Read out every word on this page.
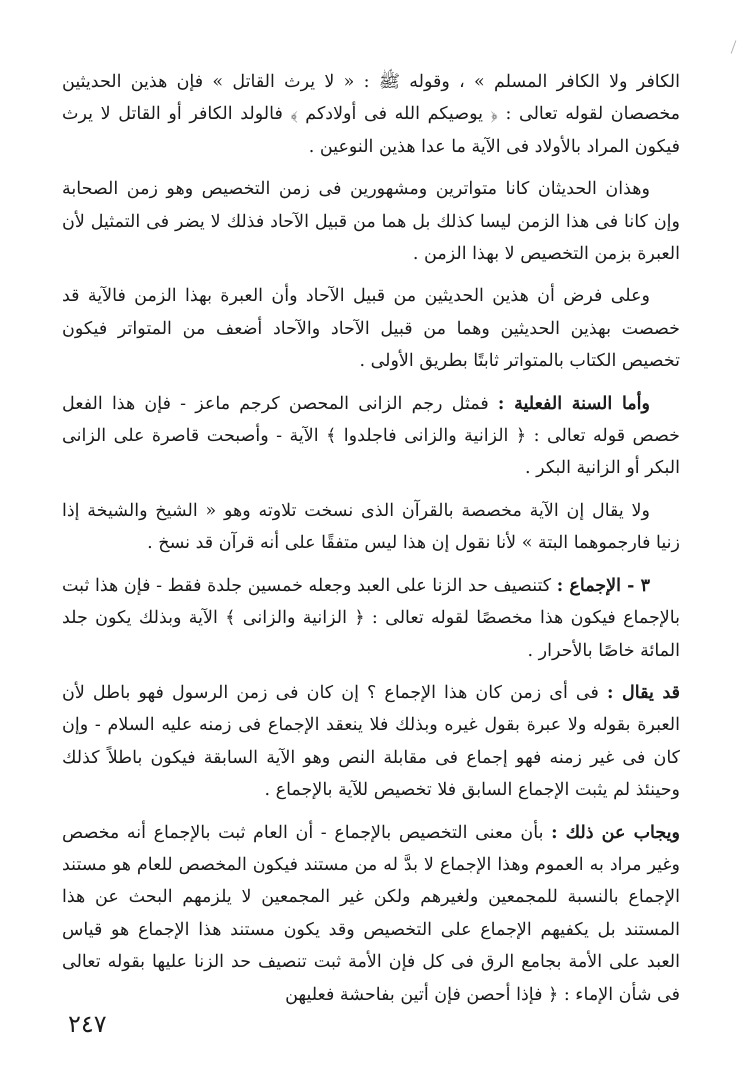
الكافر ولا الكافر المسلم » ، وقوله ﷺ : « لا يرث القاتل » فإن هذين الحديثين مخصصان لقوله تعالى : ﴿ يوصيكم الله فى أولادكم ﴾ فالولد الكافر أو القاتل لا يرث فيكون المراد بالأولاد فى الآية ما عدا هذين النوعين .

وهذان الحديثان كانا متواترين ومشهورين فى زمن التخصيص وهو زمن الصحابة وإن كانا فى هذا الزمن ليسا كذلك بل هما من قبيل الآحاد فذلك لا يضر فى التمثيل لأن العبرة بزمن التخصيص لا بهذا الزمن .

وعلى فرض أن هذين الحديثين من قبيل الآحاد وأن العبرة بهذا الزمن فالآية قد خصصت بهذين الحديثين وهما من قبيل الآحاد والآحاد أضعف من المتواتر فيكون تخصيص الكتاب بالمتواتر ثابتًا بطريق الأولى .

وأما السنة الفعلية : فمثل رجم الزانى المحصن كرجم ماعز - فإن هذا الفعل خصص قوله تعالى : ﴿ الزانية والزانى فاجلدوا ﴾ الآية - وأصبحت قاصرة على الزانى البكر أو الزانية البكر .

ولا يقال إن الآية مخصصة بالقرآن الذى نسخت تلاوته وهو « الشيخ والشيخة إذا زنيا فارجموهما البتة » لأنا نقول إن هذا ليس متفقًا على أنه قرآن قد نسخ .

٣ - الإجماع : كتنصيف حد الزنا على العبد وجعله خمسين جلدة فقط - فإن هذا ثبت بالإجماع فيكون هذا مخصصًا لقوله تعالى : ﴿ الزانية والزانى ﴾ الآية وبذلك يكون جلد المائة خاصًا بالأحرار .

قد يقال : فى أى زمن كان هذا الإجماع ؟ إن كان فى زمن الرسول فهو باطل لأن العبرة بقوله ولا عبرة بقول غيره وبذلك فلا ينعقد الإجماع فى زمنه عليه السلام - وإن كان فى غير زمنه فهو إجماع فى مقابلة النص وهو الآية السابقة فيكون باطلاً كذلك وحينئذ لم يثبت الإجماع السابق فلا تخصيص للآية بالإجماع .

ويجاب عن ذلك : بأن معنى التخصيص بالإجماع - أن العام ثبت بالإجماع أنه مخصص وغير مراد به العموم وهذا الإجماع لا بدَّ له من مستند فيكون المخصص للعام هو مستند الإجماع بالنسبة للمجمعين ولغيرهم ولكن غير المجمعين لا يلزمهم البحث عن هذا المستند بل يكفيهم الإجماع على التخصيص وقد يكون مستند هذا الإجماع هو قياس العبد على الأمة بجامع الرق فى كل فإن الأمة ثبت تنصيف حد الزنا عليها بقوله تعالى فى شأن الإماء : ﴿ فإذا أحصن فإن أتين بفاحشة فعليهن

٢٤٧
